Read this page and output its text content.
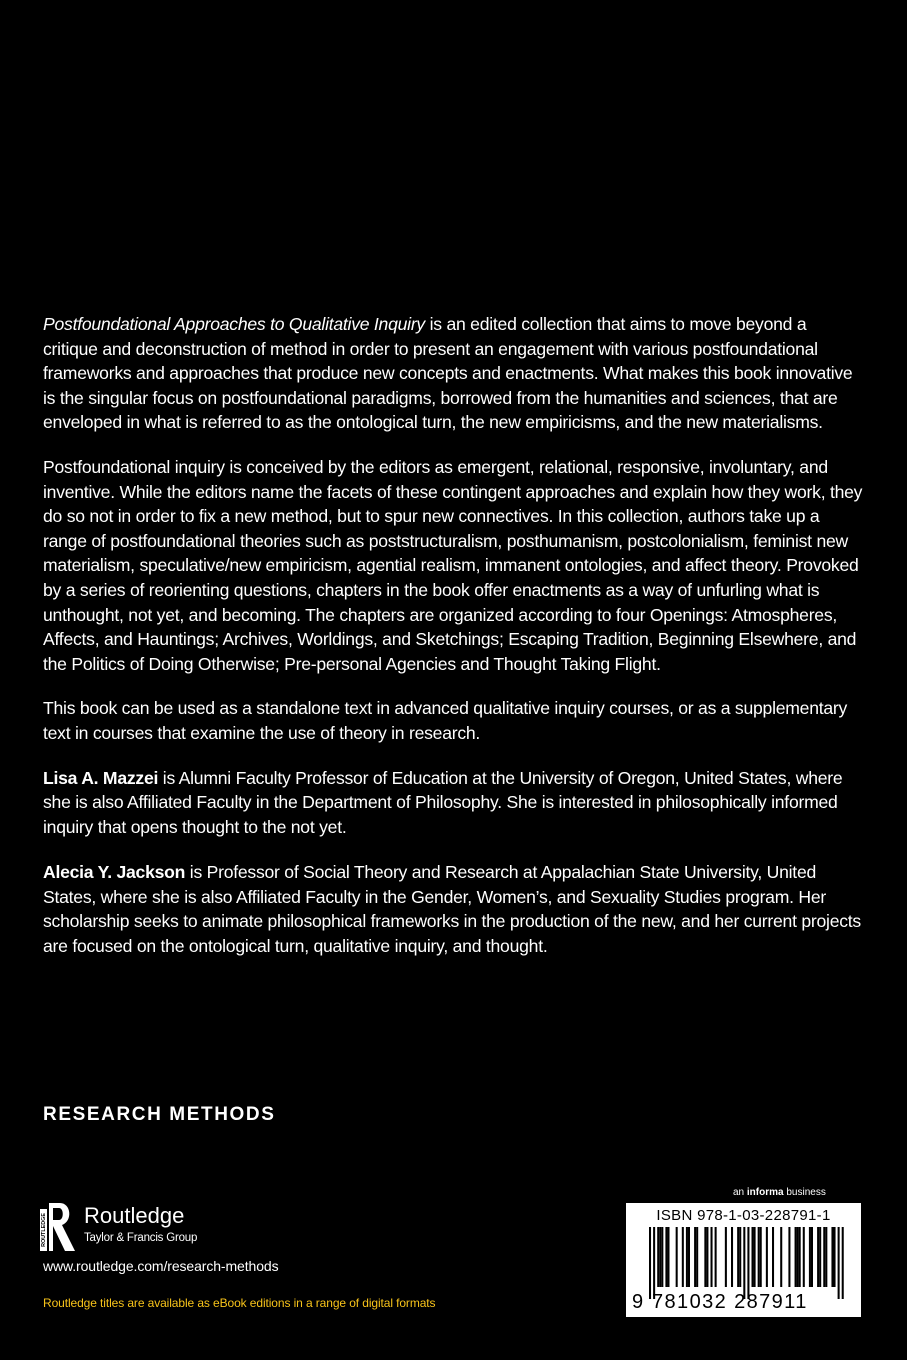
Postfoundational Approaches to Qualitative Inquiry is an edited collection that aims to move beyond a critique and deconstruction of method in order to present an engagement with various postfoundational frameworks and approaches that produce new concepts and enactments. What makes this book innovative is the singular focus on postfoundational paradigms, borrowed from the humanities and sciences, that are enveloped in what is referred to as the ontological turn, the new empiricisms, and the new materialisms.

Postfoundational inquiry is conceived by the editors as emergent, relational, responsive, involuntary, and inventive. While the editors name the facets of these contingent approaches and explain how they work, they do so not in order to fix a new method, but to spur new connectives. In this collection, authors take up a range of postfoundational theories such as poststructuralism, posthumanism, postcolonialism, feminist new materialism, speculative/new empiricism, agential realism, immanent ontologies, and affect theory. Provoked by a series of reorienting questions, chapters in the book offer enactments as a way of unfurling what is unthought, not yet, and becoming. The chapters are organized according to four Openings: Atmospheres, Affects, and Hauntings; Archives, Worldings, and Sketchings; Escaping Tradition, Beginning Elsewhere, and the Politics of Doing Otherwise; Pre-personal Agencies and Thought Taking Flight.

This book can be used as a standalone text in advanced qualitative inquiry courses, or as a supplementary text in courses that examine the use of theory in research.

Lisa A. Mazzei is Alumni Faculty Professor of Education at the University of Oregon, United States, where she is also Affiliated Faculty in the Department of Philosophy. She is interested in philosophically informed inquiry that opens thought to the not yet.

Alecia Y. Jackson is Professor of Social Theory and Research at Appalachian State University, United States, where she is also Affiliated Faculty in the Gender, Women’s, and Sexuality Studies program. Her scholarship seeks to animate philosophical frameworks in the production of the new, and her current projects are focused on the ontological turn, qualitative inquiry, and thought.

RESEARCH METHODS
ROUTLEDGE Routledge
Taylor & Francis Group
www.routledge.com/research-methods
Routledge titles are available as eBook editions in a range of digital formats
an informa business
ISBN 978-1-03-228791-1
9 781032 287911
